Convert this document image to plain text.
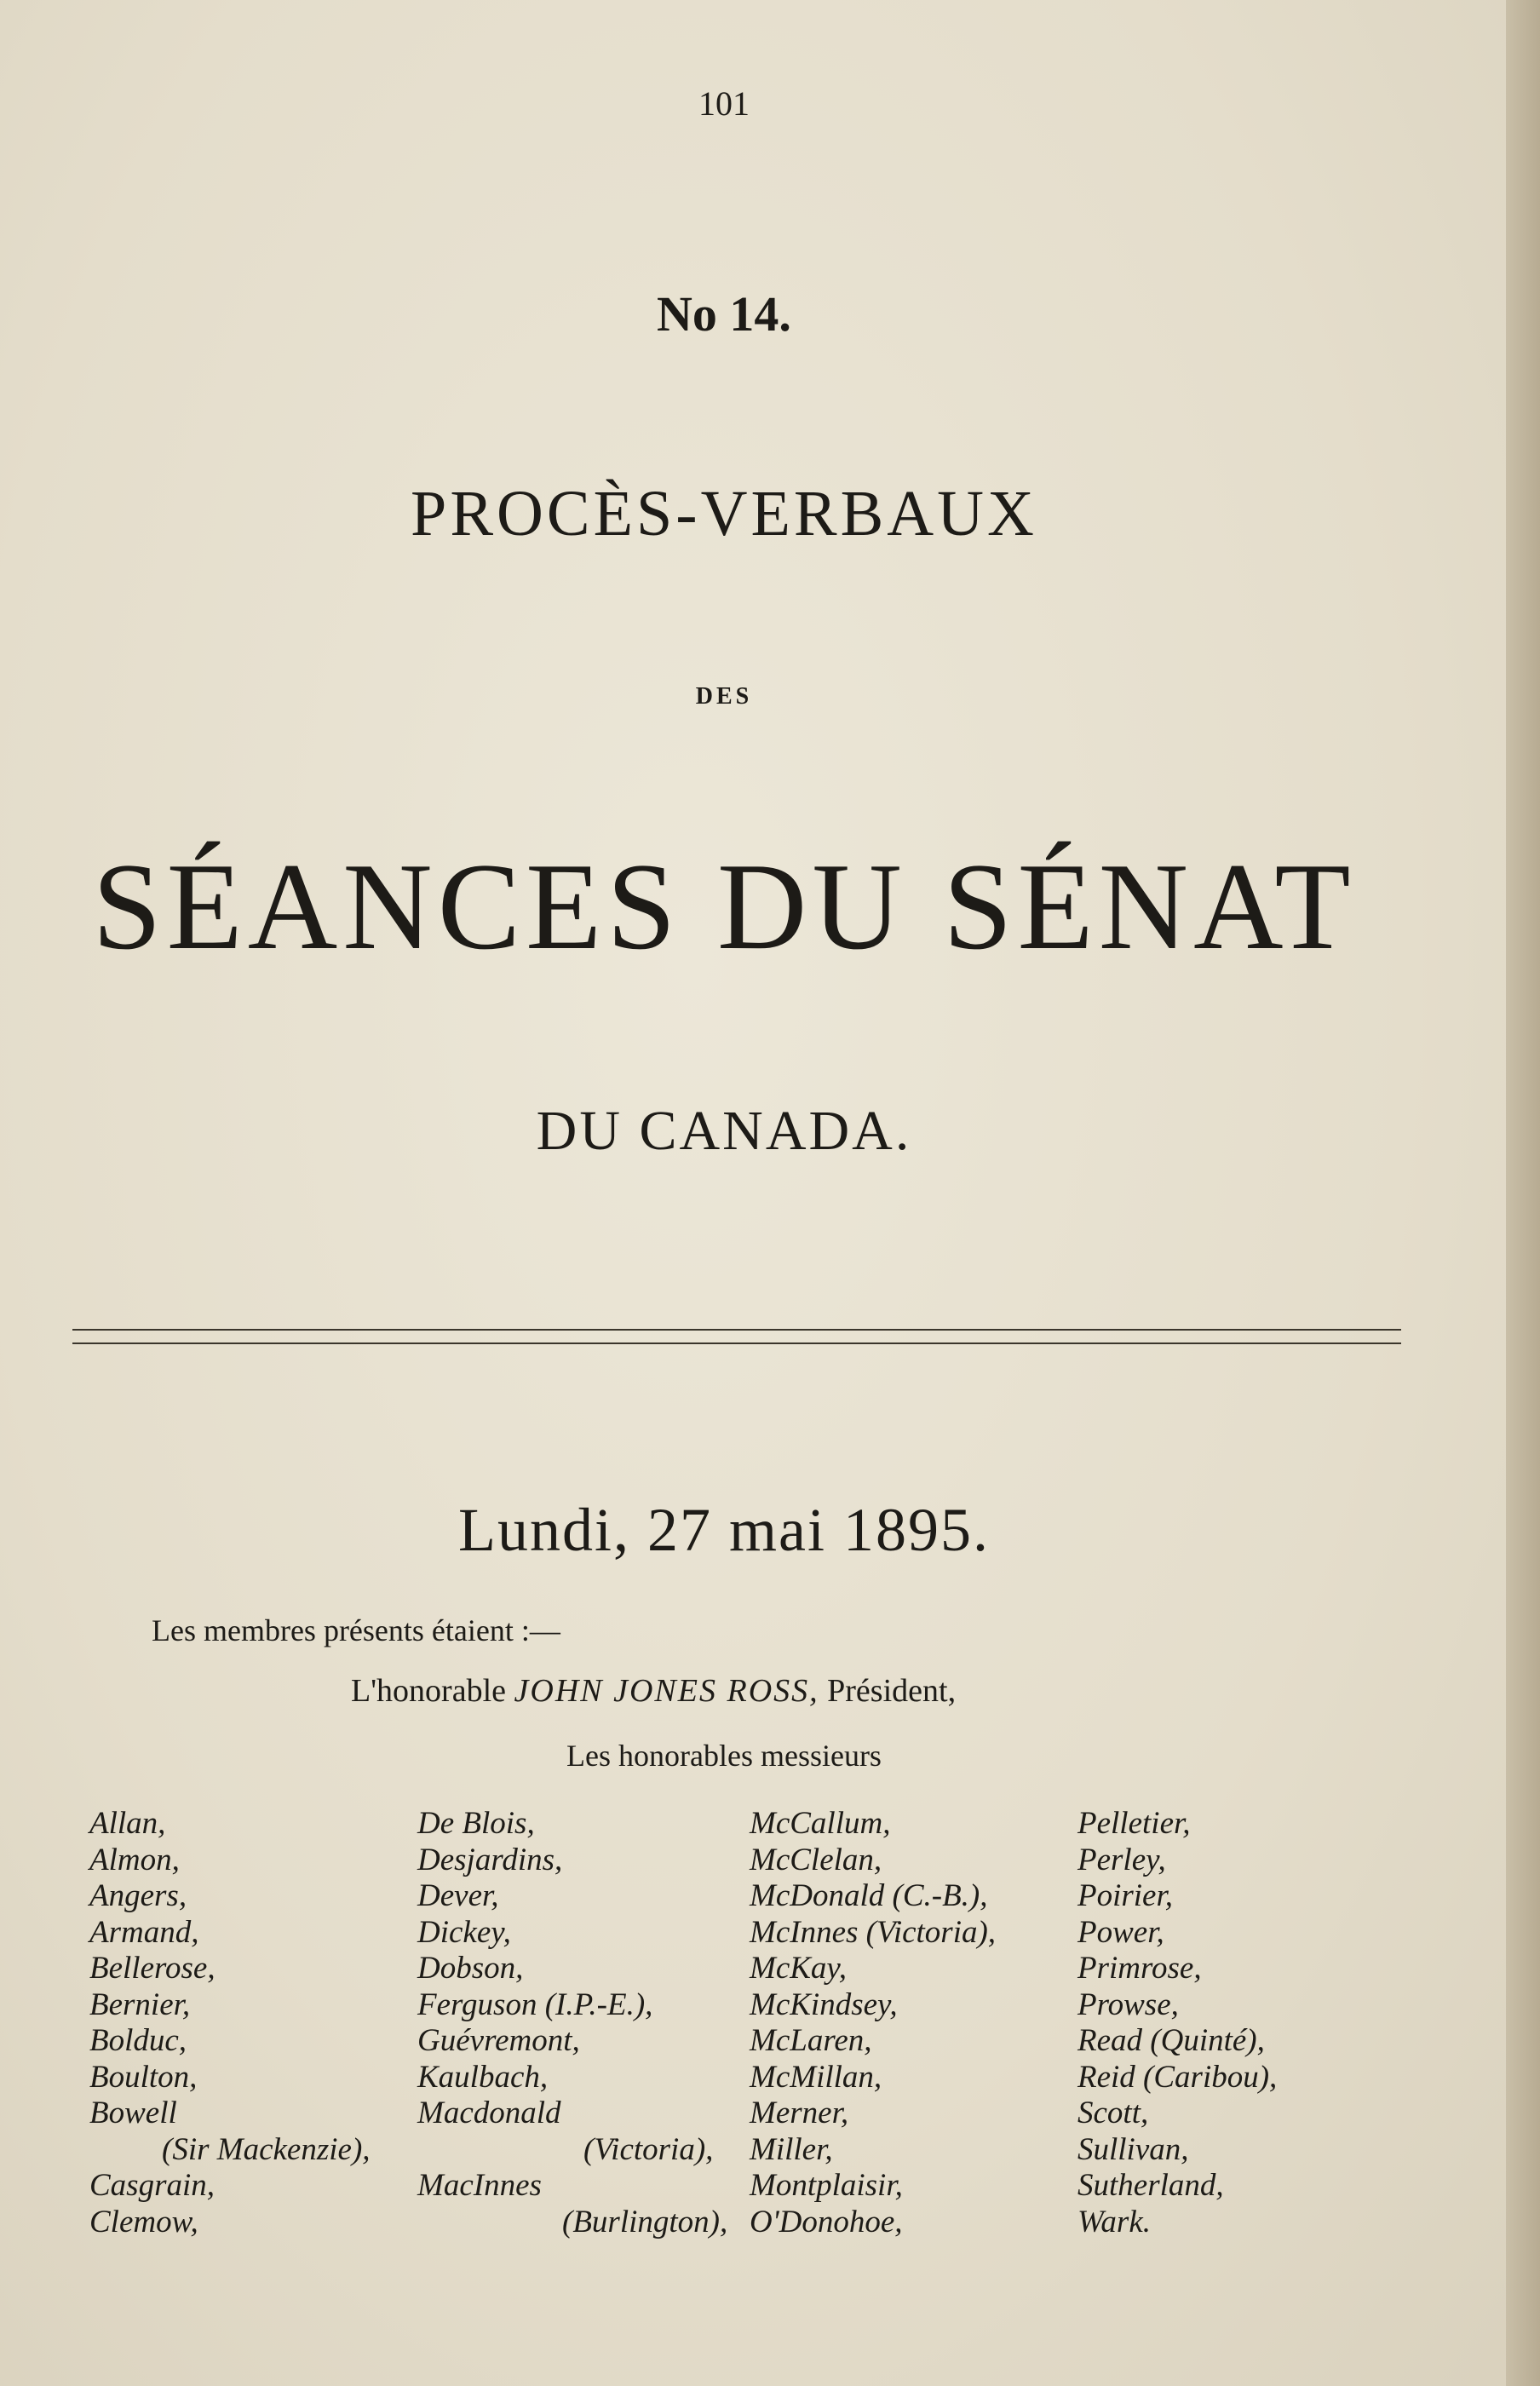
101

No 14.

PROCÈS-VERBAUX

DES

SÉANCES DU SÉNAT

DU CANADA.

Lundi, 27 mai 1895.

Les membres présents étaient :—

L'honorable JOHN JONES ROSS, Président,

Les honorables messieurs

Allan,
Almon,
Angers,
Armand,
Bellerose,
Bernier,
Bolduc,
Boulton,
Bowell
(Sir Mackenzie),
Casgrain,
Clemow,
De Blois,
Desjardins,
Dever,
Dickey,
Dobson,
Ferguson (I.P.-E.),
Guévremont,
Kaulbach,
Macdonald
(Victoria),
MacInnes
(Burlington),
McCallum,
McClelan,
McDonald (C.-B.),
McInnes (Victoria),
McKay,
McKindsey,
McLaren,
McMillan,
Merner,
Miller,
Montplaisir,
O'Donohoe,
Pelletier,
Perley,
Poirier,
Power,
Primrose,
Prowse,
Read (Quinté),
Reid (Caribou),
Scott,
Sullivan,
Sutherland,
Wark.
